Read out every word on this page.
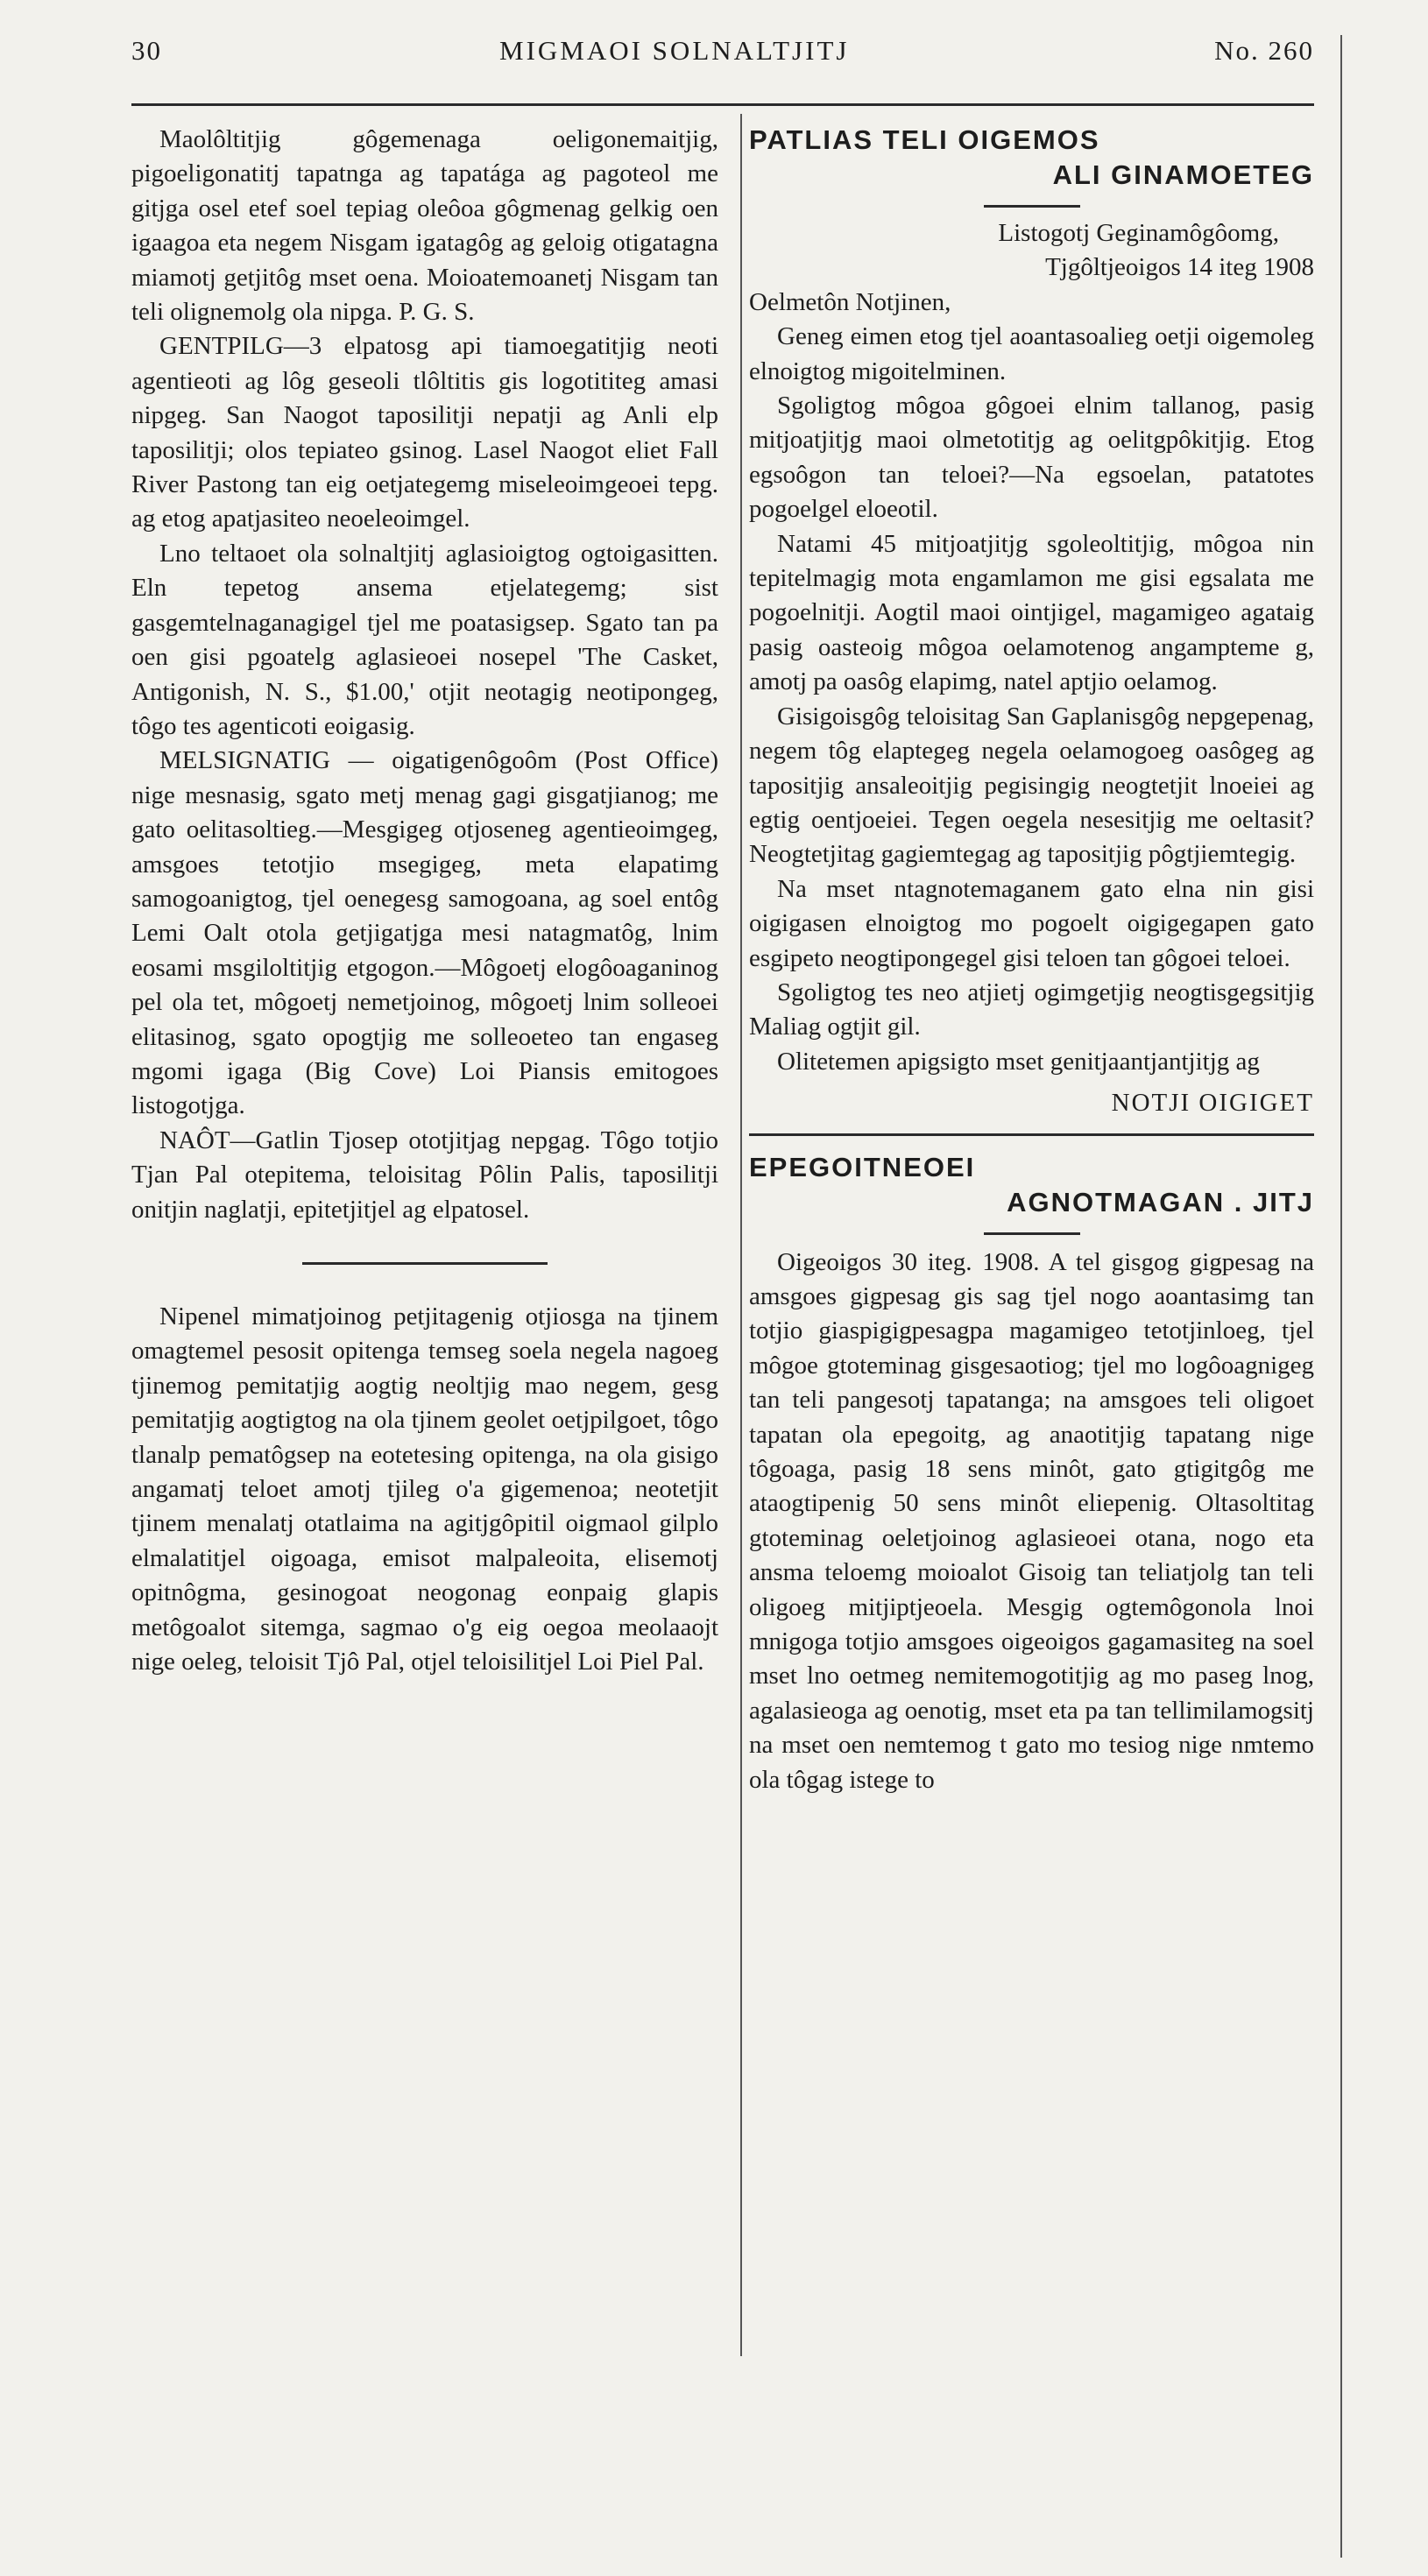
30	MIGMAOI SOLNALTJITJ	No. 260

Maolôltitjig gôgemenaga oeligonemaitjig, pigoeligonatitj tapatnga ag tapatága ag pagoteol me gitjga osel etef soel tepiag oleôoa gôgmenag gelkig oen igaagoa eta negem Nisgam igatagôg ag geloig otigatagna miamotj getjitôg mset oena. Moioatemoanetj Nisgam tan teli olignemolg ola nipga. P. G. S.

GENTPILG—3 elpatosg api tiamoegatitjig neoti agentieoti ag lôg geseoli tlôltitis gis logotititeg amasi nipgeg. San Naogot taposilitji nepatji ag Anli elp taposilitji; olos tepiateo gsinog. Lasel Naogot eliet Fall River Pastong tan eig oetjategemg miseleoimgeoei tepg. ag etog apatjasiteo neoeleoimgel.

Lno teltaoet ola solnaltjitj aglasioigtog ogtoigasitten. Eln tepetog ansema etjelategemg; sist gasgemtelnaganagigel tjel me poatasigsep. Sgato tan pa oen gisi pgoatelg aglasieoei nosepel 'The Casket, Antigonish, N. S., $1.00,' otjit neotagig neotipongeg, tôgo tes agenticoti eoigasig.

MELSIGNATIG — oigatigenôgoôm (Post Office) nige mesnasig, sgato metj menag gagi gisgatjianog; me gato oelitasoltieg.—Mesgigeg otjoseneg agentieoimgeg, amsgoes tetotjio msegigeg, meta elapatimg samogoanigtog, tjel oenegesg samogoana, ag soel entôg Lemi Oalt otola getjigatjga mesi natagmatôg, lnim eosami msgiloltitjig etgogon.—Môgoetj elogôoaganinog pel ola tet, môgoetj nemetjoinog, môgoetj lnim solleoei elitasinog, sgato opogtjig me solleoeteo tan engaseg mgomi igaga (Big Cove) Loi Piansis emitogoes listogotjga.

NAÔT—Gatlin Tjosep ototjitjag nepgag. Tôgo totjio Tjan Pal otepitema, teloisitag Pôlin Palis, taposilitji onitjin naglatji, epitetjitjel ag elpatosel.

Nipenel mimatjoinog petjitagenig otjiosga na tjinem omagtemel pesosit opitenga temseg soela negela nagoeg tjinemog pemitatjig aogtig neoltjig mao negem, gesg pemitatjig aogtigtog na ola tjinem geolet oetjpilgoet, tôgo tlanalp pematôgsep na eotetesing opitenga, na ola gisigo angamatj teloet amotj tjileg o'a gigemenoa; neotetjit tjinem menalatj otatlaima na agitjgôpitil oigmaol gilplo elmalatitjel oigoaga, emisot malpaleoita, elisemotj opitnôgma, gesinogoat neogonag eonpaig glapis metôgoalot sitemga, sagmao o'g eig oegoa meolaaojt nige oeleg, teloisit Tjô Pal, otjel teloisilitjel Loi Piel Pal.

PATLIAS TELI OIGEMOS
ALI GINAMOETEG

Listogotj Geginamôgôomg,

Tjgôltjeoigos 14 iteg 1908

Oelmetôn Notjinen,

Geneg eimen etog tjel aoantasoalieg oetji oigemoleg elnoigtog migoitelminen.

Sgoligtog môgoa gôgoei elnim tallanog, pasig mitjoatjitjg maoi olmetotitjg ag oelitgpôkitjig. Etog egsoôgon tan teloei?—Na egsoelan, patatotes pogoelgel eloeotil.

Natami 45 mitjoatjitjg sgoleoltitjig, môgoa nin tepitelmagig mota engamlamon me gisi egsalata me pogoelnitji. Aogtil maoi ointjigel, magamigeo agataig pasig oasteoig môgoa oelamotenog angampteme g, amotj pa oasôg elapimg, natel aptjio oelamog.

Gisigoisgôg teloisitag San Gaplanisgôg nepgepenag, negem tôg elaptegeg negela oelamogoeg oasôgeg ag tapositjig ansaleoitjig pegisingig neogtetjit lnoeiei ag egtig oentjoeiei. Tegen oegela nesesitjig me oeltasit? Neogtetjitag gagiemtegag ag tapositjig pôgtjiemtegig.

Na mset ntagnotemaganem gato elna nin gisi oigigasen elnoigtog mo pogoelt oigigegapen gato esgipeto neogtipongegel gisi teloen tan gôgoei teloei.

Sgoligtog tes neo atjietj ogimgetjig neogtisgegsitjig Maliag ogtjit gil.

Olitetemen apigsigto mset genitjaantjantjitjg ag

NOTJI OIGIGET

EPEGOITNEOEI
AGNOTMAGAN . JITJ

Oigeoigos 30 iteg. 1908. A tel gisgog gigpesag na amsgoes gigpesag gis sag tjel nogo aoantasimg tan totjio giaspigigpesagpa magamigeo tetotjinloeg, tjel môgoe gtoteminag gisgesaotiog; tjel mo logôoagnigeg tan teli pangesotj tapatanga; na amsgoes teli oligoet tapatan ola epegoitg, ag anaotitjig tapatang nige tôgoaga, pasig 18 sens minôt, gato gtigitgôg me ataogtipenig 50 sens minôt eliepenig. Oltasoltitag gtoteminag oeletjoinog aglasieoei otana, nogo eta ansma teloemg moioalot Gisoig tan teliatjolg tan teli oligoeg mitjiptjeoela. Mesgig ogtemôgonola lnoi mnigoga totjio amsgoes oigeoigos gagamasiteg na soel mset lno oetmeg nemitemogotitjig ag mo paseg lnog, agalasieoga ag oenotig, mset eta pa tan tellimilamogsitj na mset oen nemtemog t gato mo tesiog nige nmtemo ola tôgag istege to
